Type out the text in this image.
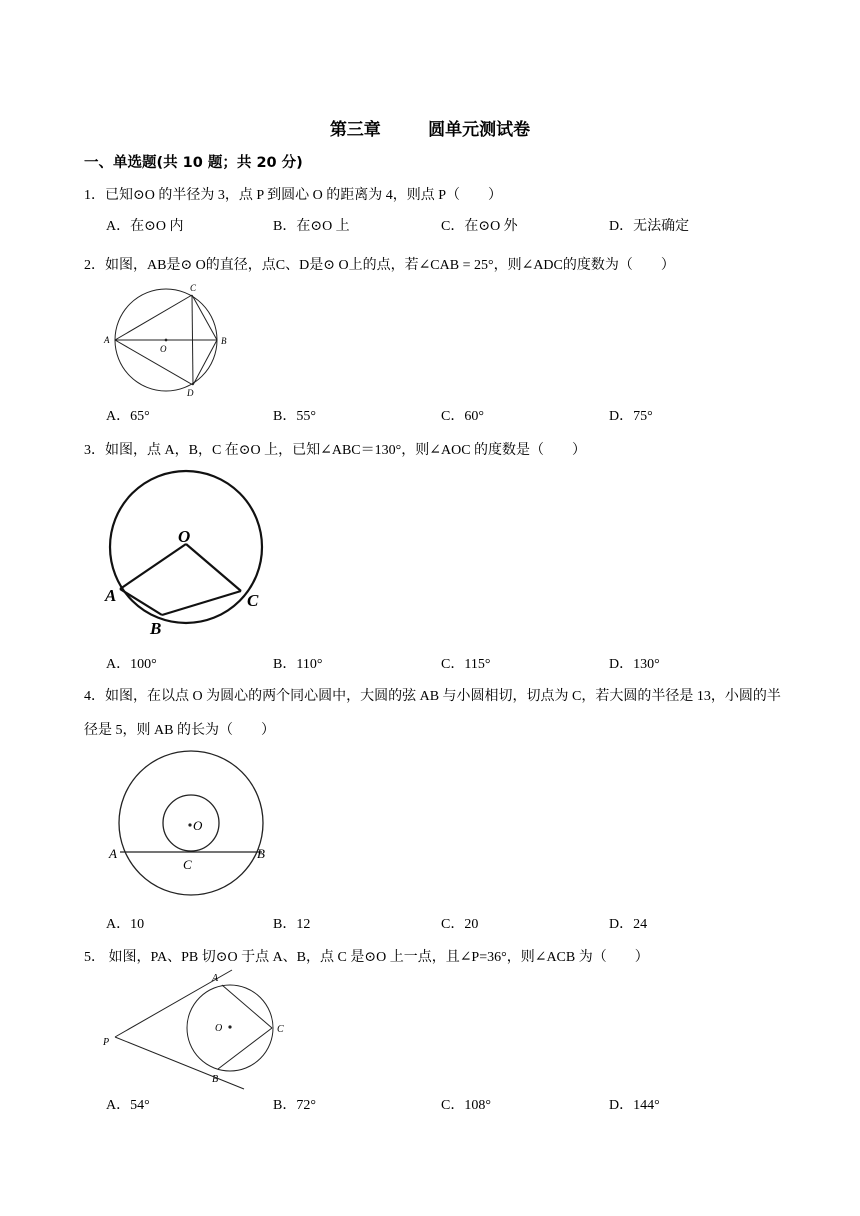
第三章        圆单元测试卷
一、单选题(共 10 题；共 20 分)
1．已知⊙O 的半径为 3，点 P 到圆心 O 的距离为 4，则点 P（　　）
A．在⊙O 内	B．在⊙O 上	C．在⊙O 外	D．无法确定
2．如图，AB是⊙ O的直径，点C、D是⊙ O上的点，若∠CAB = 25°，则∠ADC的度数为（　　）
C
A	B
O
D
A．65°	B．55°	C．60°	D．75°
3．如图，点 A，B，C 在⊙O 上，已知∠ABC＝130°，则∠AOC 的度数是（　　）
O
A	C
B
A．100°	B．110°	C．115°	D．130°
4．如图，在以点 O 为圆心的两个同心圆中，大圆的弦 AB 与小圆相切，切点为 C，若大圆的半径是 13，小圆的半径是 5，则 AB 的长为（　　）
O
A	B
C
A．10	B．12	C．20	D．24
5． 如图，PA、PB 切⊙O 于点 A、B，点 C 是⊙O 上一点，且∠P=36°，则∠ACB 为（　　）
A
O	C
P
B
A．54°	B．72°	C．108°	D．144°
